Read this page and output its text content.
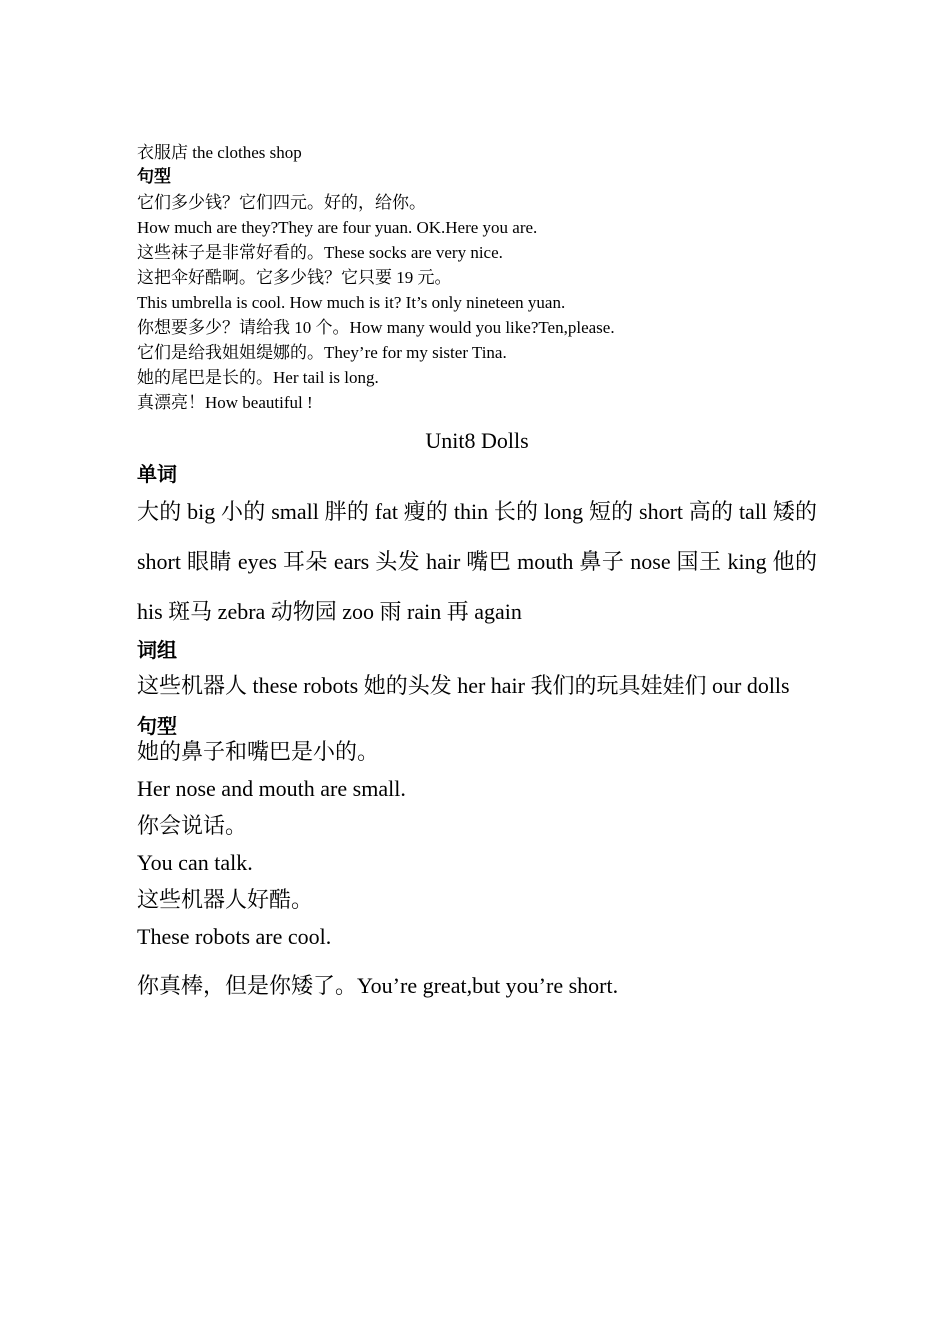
衣服店 the clothes shop
句型
它们多少钱？它们四元。好的，给你。
How much are they?They are four yuan. OK.Here you are.
这些袜子是非常好看的。These socks are very nice.
这把伞好酷啊。它多少钱？它只要 19 元。
This umbrella is cool. How much is it? It’s only nineteen yuan.
你想要多少？请给我 10 个。How many would you like?Ten,please.
它们是给我姐姐缇娜的。They’re for my sister Tina.
她的尾巴是长的。Her tail is long.
真漂亮！How beautiful !
Unit8 Dolls
单词
大的 big 小的 small 胖的 fat 瘦的 thin 长的 long 短的 short 高的 tall 矮的 short 眼睛 eyes 耳朵 ears 头发 hair 嘴巴 mouth 鼻子 nose 国王 king 他的 his 斑马 zebra 动物园 zoo 雨 rain 再 again
词组
这些机器人 these robots 她的头发 her hair 我们的玩具娃娃们 our dolls
句型
她的鼻子和嘴巴是小的。
Her nose and mouth are small.
你会说话。
You can talk.
这些机器人好酷。
These robots are cool.
你真棒，但是你矮了。You’re great,but you’re short.
